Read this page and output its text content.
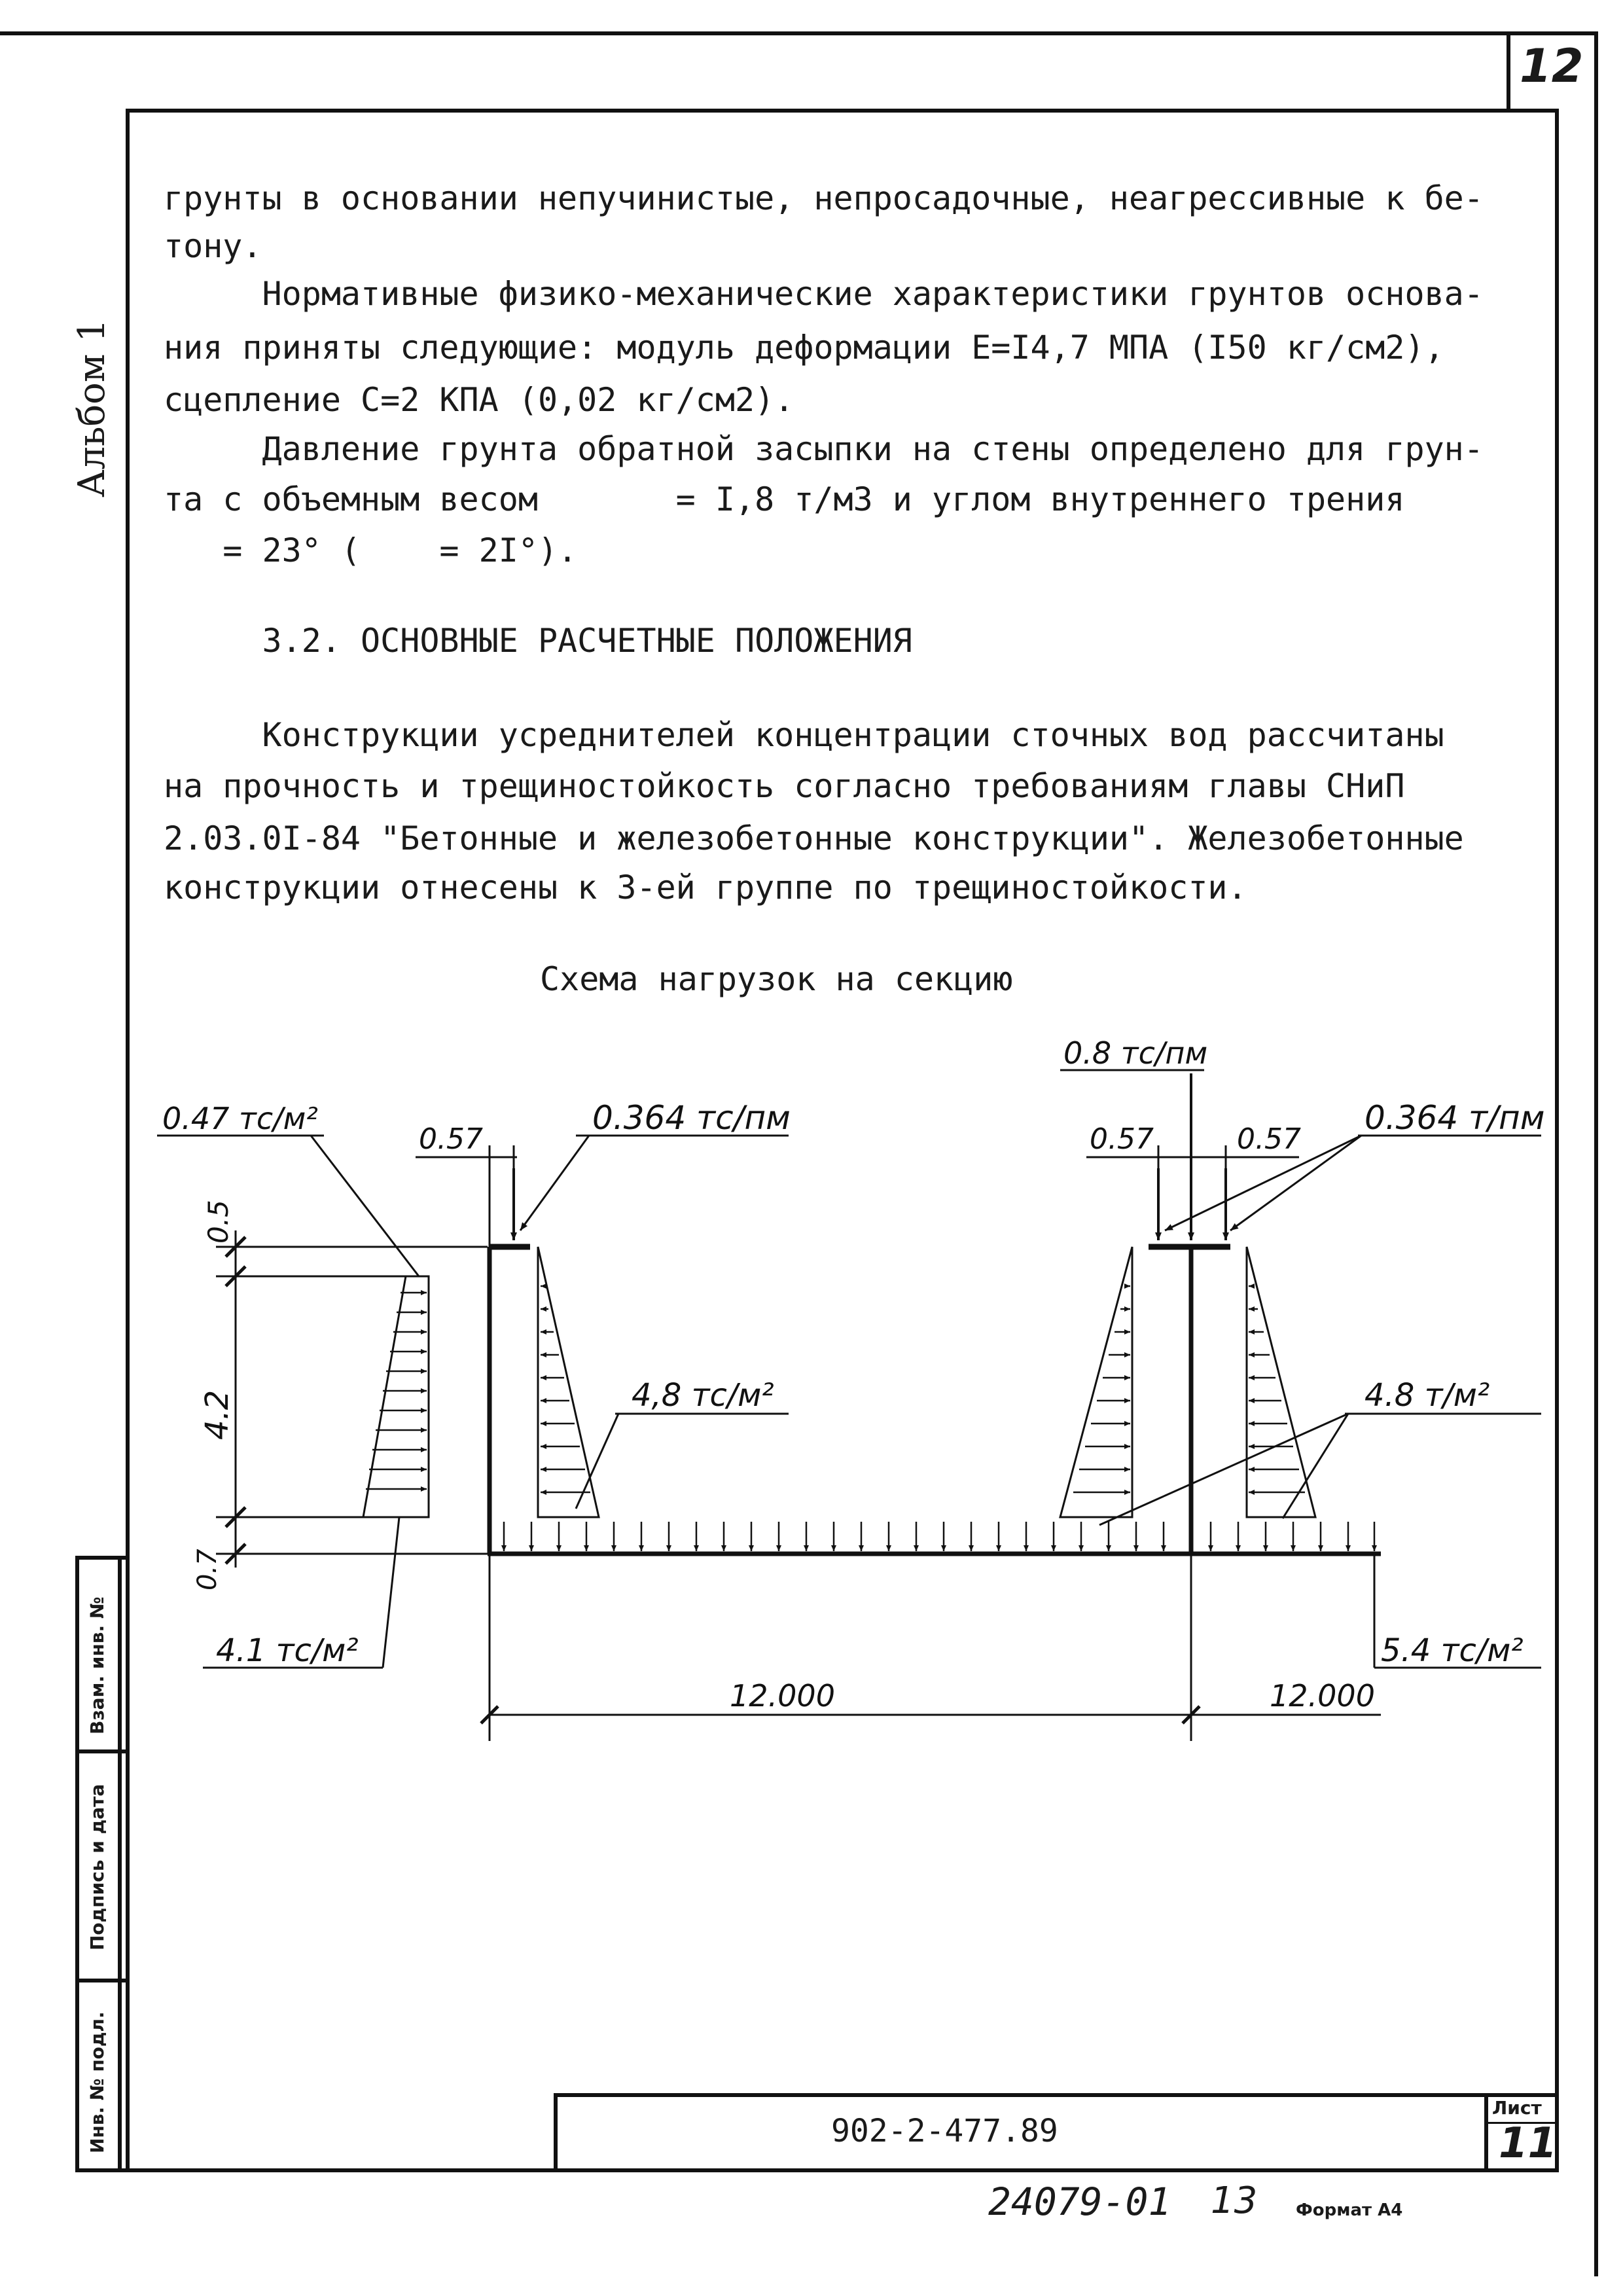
12
Альбом 1
Взам. инв. №
Подпись и дата
Инв. № подл.	902-2-477.89
Лист
11
24079-01 13 Формат А4
грунты в основании непучинистые, непросадочные, неагрессивные к бе-
тону.
Нормативные физико-механические характеристики грунтов основа-
ния приняты следующие: модуль деформации Е=I4,7 МПА (I50 кг/см2),
сцепление С=2 КПА (0,02 кг/см2).
Давление грунта обратной засыпки на стены определено для грун-
та с объемным весом       = I,8 т/м3 и углом внутреннего трения
= 23° (    = 2I°).
3.2. ОСНОВНЫЕ РАСЧЕТНЫЕ ПОЛОЖЕНИЯ
Конструкции усреднителей концентрации сточных вод рассчитаны
на прочность и трещиностойкость согласно требованиям главы СНиП
2.03.0I-84 "Бетонные и железобетонные конструкции". Железобетонные
конструкции отнесены к 3-ей группе по трещиностойкости.
Схема нагрузок на секцию
0.47 тс/м²	0.364 тс/пм
0.8 тс/пм
0.364 т/пм
0.57	0.57	0.57
4,8 тс/м²	4.8 т/м²
4.1 тс/м²	5.4 тс/м²
12.000	12.000
0.5
4.2
0.7
